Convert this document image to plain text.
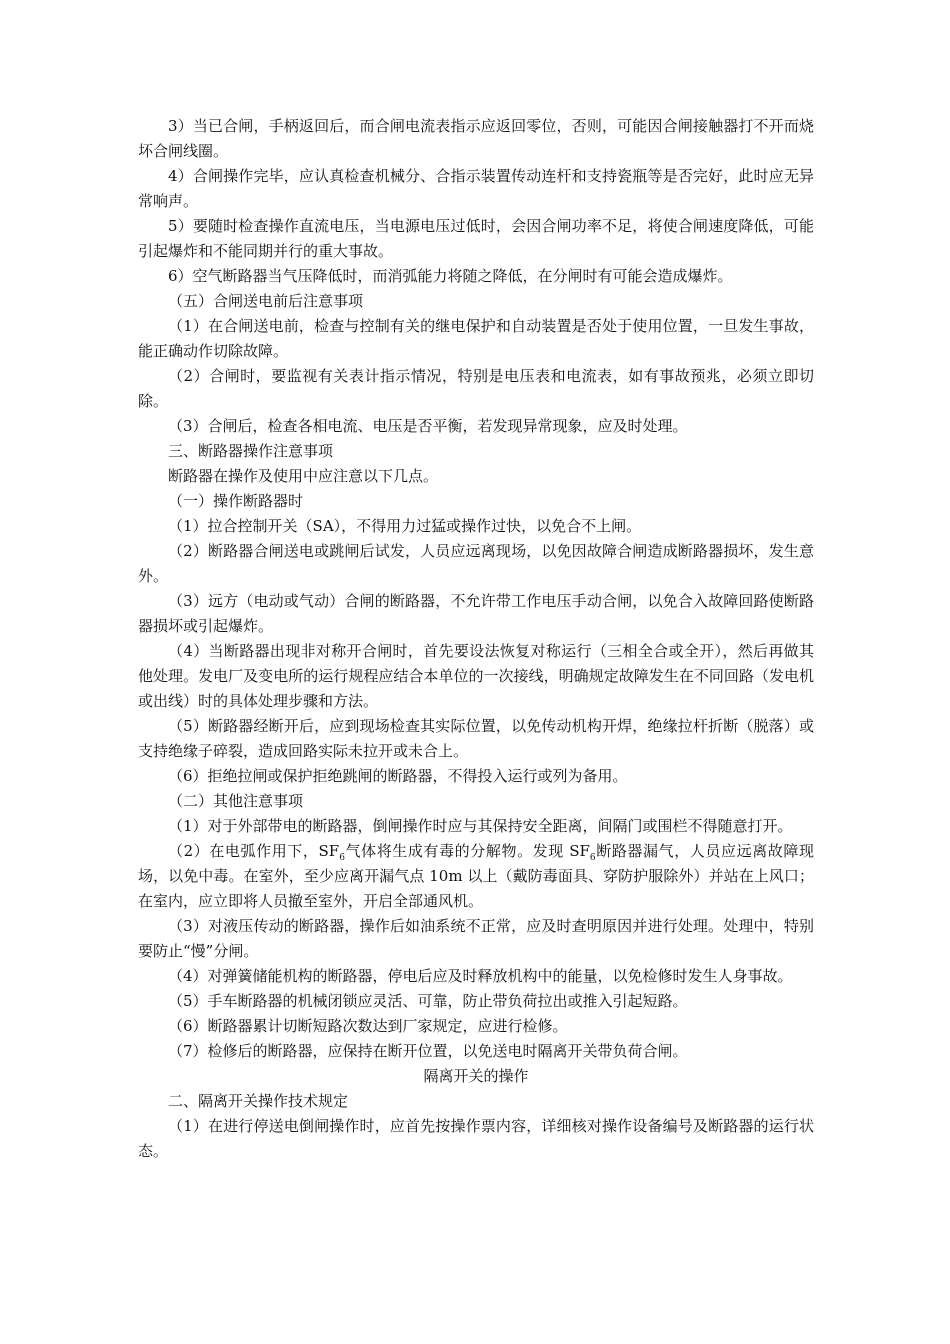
3）当已合闸，手柄返回后，而合闸电流表指示应返回零位，否则，可能因合闸接触器打不开而烧坏合闸线圈。

4）合闸操作完毕，应认真检查机械分、合指示装置传动连杆和支持瓷瓶等是否完好，此时应无异常响声。

5）要随时检查操作直流电压，当电源电压过低时，会因合闸功率不足，将使合闸速度降低，可能引起爆炸和不能同期并行的重大事故。

6）空气断路器当气压降低时，而消弧能力将随之降低，在分闸时有可能会造成爆炸。

（五）合闸送电前后注意事项

（1）在合闸送电前，检查与控制有关的继电保护和自动装置是否处于使用位置，一旦发生事故，能正确动作切除故障。

（2）合闸时，要监视有关表计指示情况，特别是电压表和电流表，如有事故预兆，必须立即切除。

（3）合闸后，检查各相电流、电压是否平衡，若发现异常现象，应及时处理。

三、断路器操作注意事项

断路器在操作及使用中应注意以下几点。

（一）操作断路器时

（1）拉合控制开关（SA），不得用力过猛或操作过快，以免合不上闸。

（2）断路器合闸送电或跳闸后试发，人员应远离现场，以免因故障合闸造成断路器损坏，发生意外。

（3）远方（电动或气动）合闸的断路器，不允许带工作电压手动合闸，以免合入故障回路使断路器损坏或引起爆炸。

（4）当断路器出现非对称开合闸时，首先要设法恢复对称运行（三相全合或全开），然后再做其他处理。发电厂及变电所的运行规程应结合本单位的一次接线，明确规定故障发生在不同回路（发电机或出线）时的具体处理步骤和方法。

（5）断路器经断开后，应到现场检查其实际位置，以免传动机构开焊，绝缘拉杆折断（脱落）或支持绝缘子碎裂，造成回路实际未拉开或未合上。

（6）拒绝拉闸或保护拒绝跳闸的断路器，不得投入运行或列为备用。

（二）其他注意事项

（1）对于外部带电的断路器，倒闸操作时应与其保持安全距离，间隔门或围栏不得随意打开。

（2）在电弧作用下，$SF_6$气体将生成有毒的分解物。发现 $SF_6$断路器漏气，人员应远离故障现场，以免中毒。在室外，至少应离开漏气点 10m 以上（戴防毒面具、穿防护服除外）并站在上风口；在室内，应立即将人员撤至室外，开启全部通风机。

（3）对液压传动的断路器，操作后如油系统不正常，应及时查明原因并进行处理。处理中，特别要防止“慢”分闸。

（4）对弹簧储能机构的断路器，停电后应及时释放机构中的能量，以免检修时发生人身事故。

（5）手车断路器的机械闭锁应灵活、可靠，防止带负荷拉出或推入引起短路。

（6）断路器累计切断短路次数达到厂家规定，应进行检修。

（7）检修后的断路器，应保持在断开位置，以免送电时隔离开关带负荷合闸。

隔离开关的操作

二、隔离开关操作技术规定

（1）在进行停送电倒闸操作时，应首先按操作票内容，详细核对操作设备编号及断路器的运行状态。
